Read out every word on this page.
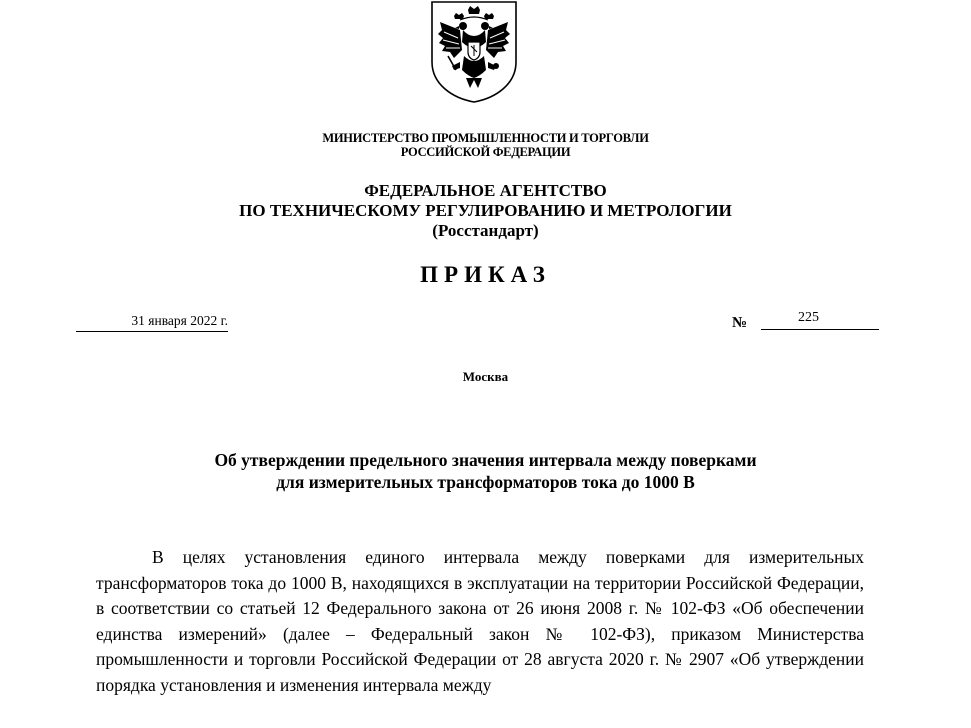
МИНИСТЕРСТВО ПРОМЫШЛЕННОСТИ И ТОРГОВЛИ
РОССИЙСКОЙ ФЕДЕРАЦИИ
ФЕДЕРАЛЬНОЕ АГЕНТСТВО
ПО ТЕХНИЧЕСКОМУ РЕГУЛИРОВАНИЮ И МЕТРОЛОГИИ
(Росстандарт)
ПРИКАЗ
31 января 2022 г.	№	225
Москва
Об утверждении предельного значения интервала между поверками
для измерительных трансформаторов тока до 1000 В
В целях установления единого интервала между поверками для измерительных трансформаторов тока до 1000 В, находящихся в эксплуатации на территории Российской Федерации, в соответствии со статьей 12 Федерального закона от 26 июня 2008 г. № 102-ФЗ «Об обеспечении единства измерений» (далее – Федеральный закон № 102-ФЗ), приказом Министерства промышленности и торговли Российской Федерации от 28 августа 2020 г. № 2907 «Об утверждении порядка установления и изменения интервала между
